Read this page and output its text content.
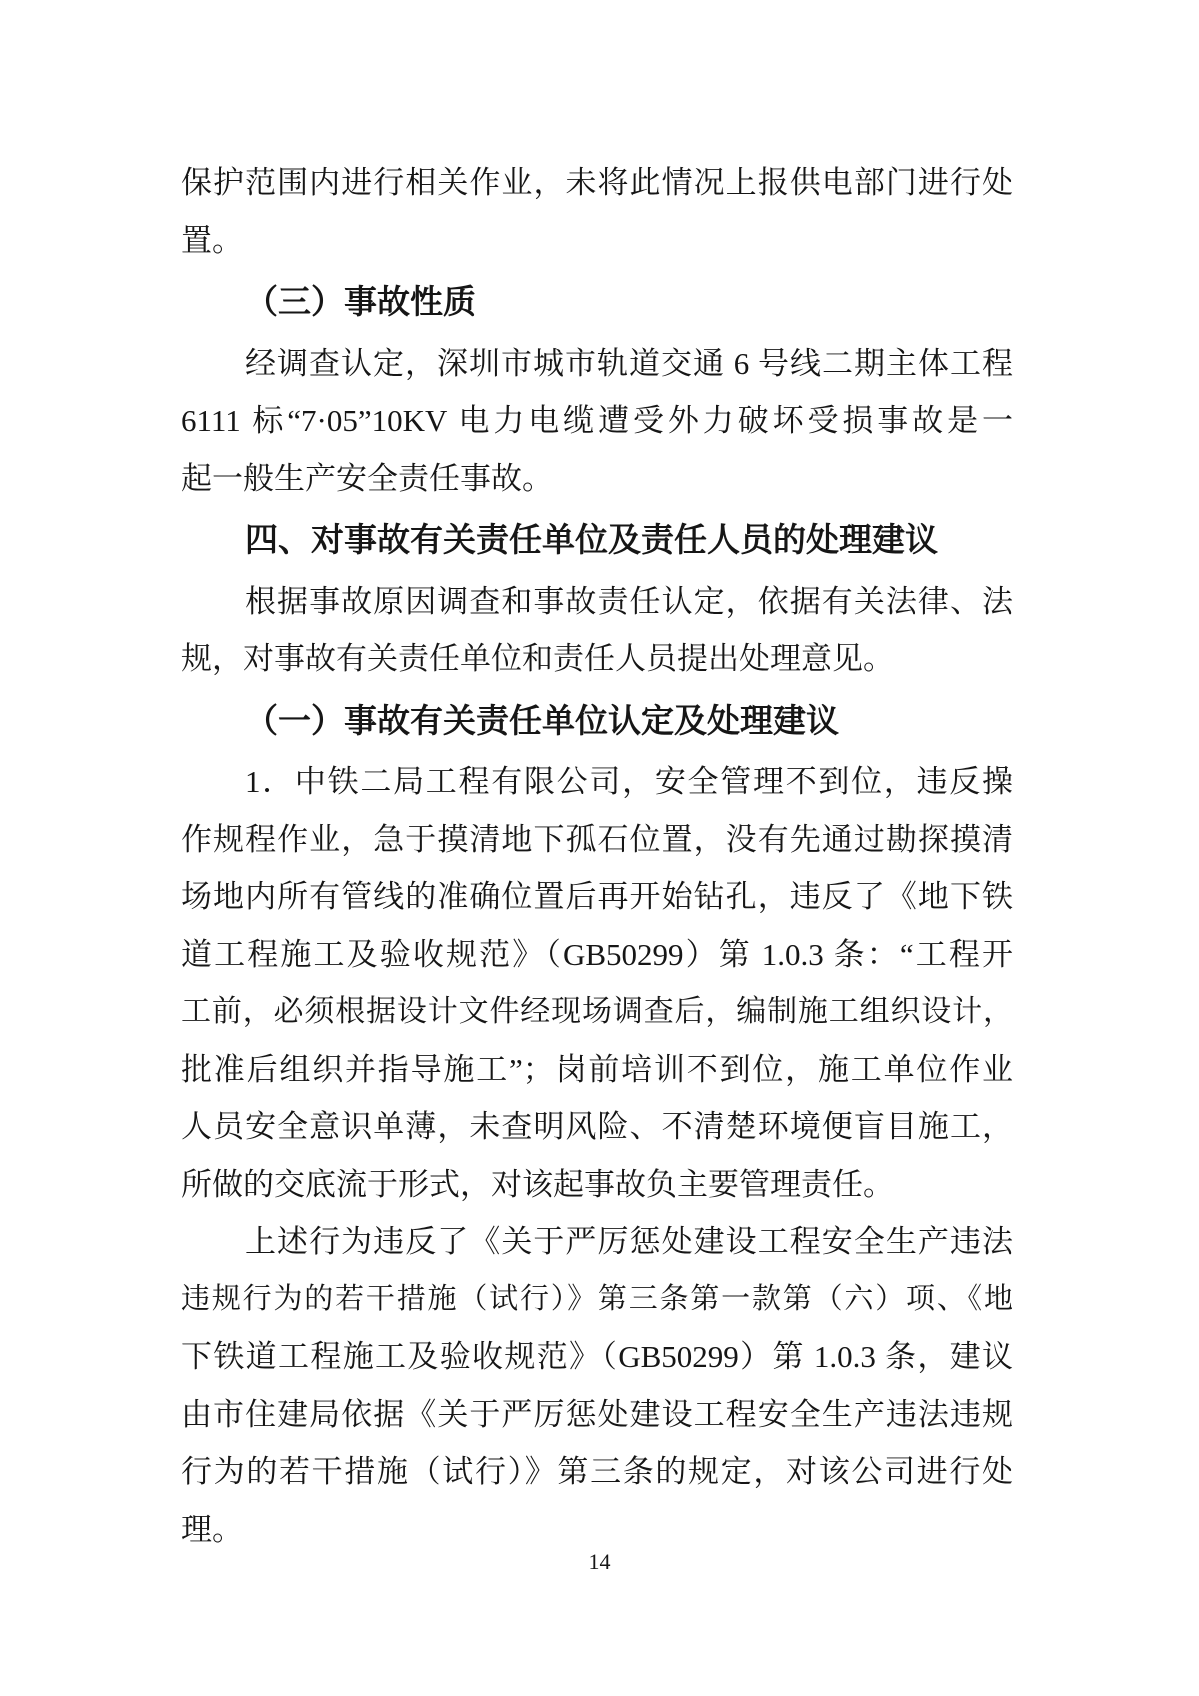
保护范围内进行相关作业，未将此情况上报供电部门进行处
置。
（三）事故性质
经调查认定，深圳市城市轨道交通 6 号线二期主体工程
6111 标“7·05”10KV 电力电缆遭受外力破坏受损事故是一
起一般生产安全责任事故。
四、对事故有关责任单位及责任人员的处理建议
根据事故原因调查和事故责任认定，依据有关法律、法
规，对事故有关责任单位和责任人员提出处理意见。
（一）事故有关责任单位认定及处理建议
1．中铁二局工程有限公司，安全管理不到位，违反操
作规程作业，急于摸清地下孤石位置，没有先通过勘探摸清
场地内所有管线的准确位置后再开始钻孔，违反了《地下铁
道工程施工及验收规范》（GB50299）第 1.0.3 条：“工程开
工前，必须根据设计文件经现场调查后，编制施工组织设计，
批准后组织并指导施工”；岗前培训不到位，施工单位作业
人员安全意识单薄，未查明风险、不清楚环境便盲目施工，
所做的交底流于形式，对该起事故负主要管理责任。
上述行为违反了《关于严厉惩处建设工程安全生产违法
违规行为的若干措施（试行）》第三条第一款第（六）项、《地
下铁道工程施工及验收规范》（GB50299）第 1.0.3 条，建议
由市住建局依据《关于严厉惩处建设工程安全生产违法违规
行为的若干措施（试行）》第三条的规定，对该公司进行处
理。
14
